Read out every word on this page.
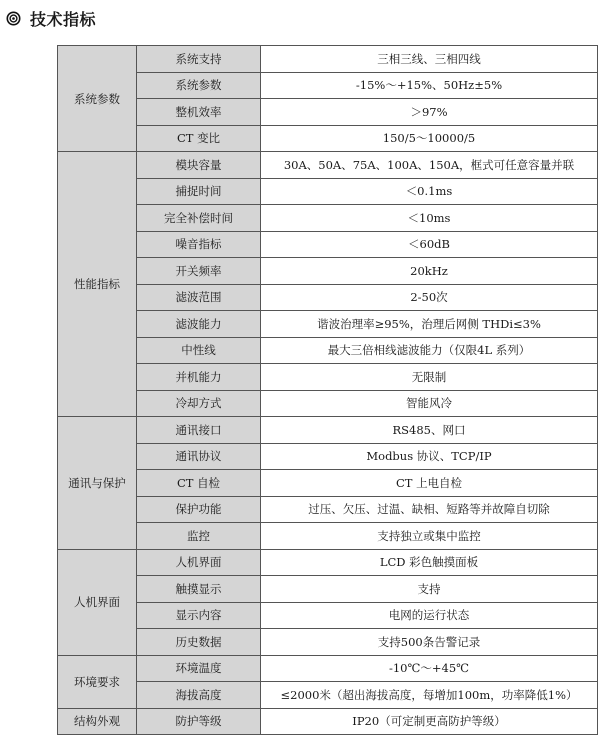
技术指标
系统参数	系统支持	三相三线、三相四线
	系统参数	-15%～+15%、50Hz±5%
	整机效率	＞97%
	CT 变比	150/5～10000/5
性能指标	模块容量	30A、50A、75A、100A、150A，框式可任意容量并联
	捕捉时间	＜0.1ms
	完全补偿时间	＜10ms
	噪音指标	＜60dB
	开关频率	20kHz
	滤波范围	2-50次
	滤波能力	谐波治理率≥95%，治理后网侧 THDi≤3%
	中性线	最大三倍相线滤波能力（仅限4L 系列）
	并机能力	无限制
	冷却方式	智能风冷
通讯与保护	通讯接口	RS485、网口
	通讯协议	Modbus 协议、TCP/IP
	CT 自检	CT 上电自检
	保护功能	过压、欠压、过温、缺相、短路等并故障自切除
	监控	支持独立或集中监控
人机界面	人机界面	LCD 彩色触摸面板
	触摸显示	支持
	显示内容	电网的运行状态
	历史数据	支持500条告警记录
环境要求	环境温度	-10℃～+45℃
	海拔高度	≤2000米（超出海拔高度，每增加100m，功率降低1%）
结构外观	防护等级	IP20（可定制更高防护等级）
